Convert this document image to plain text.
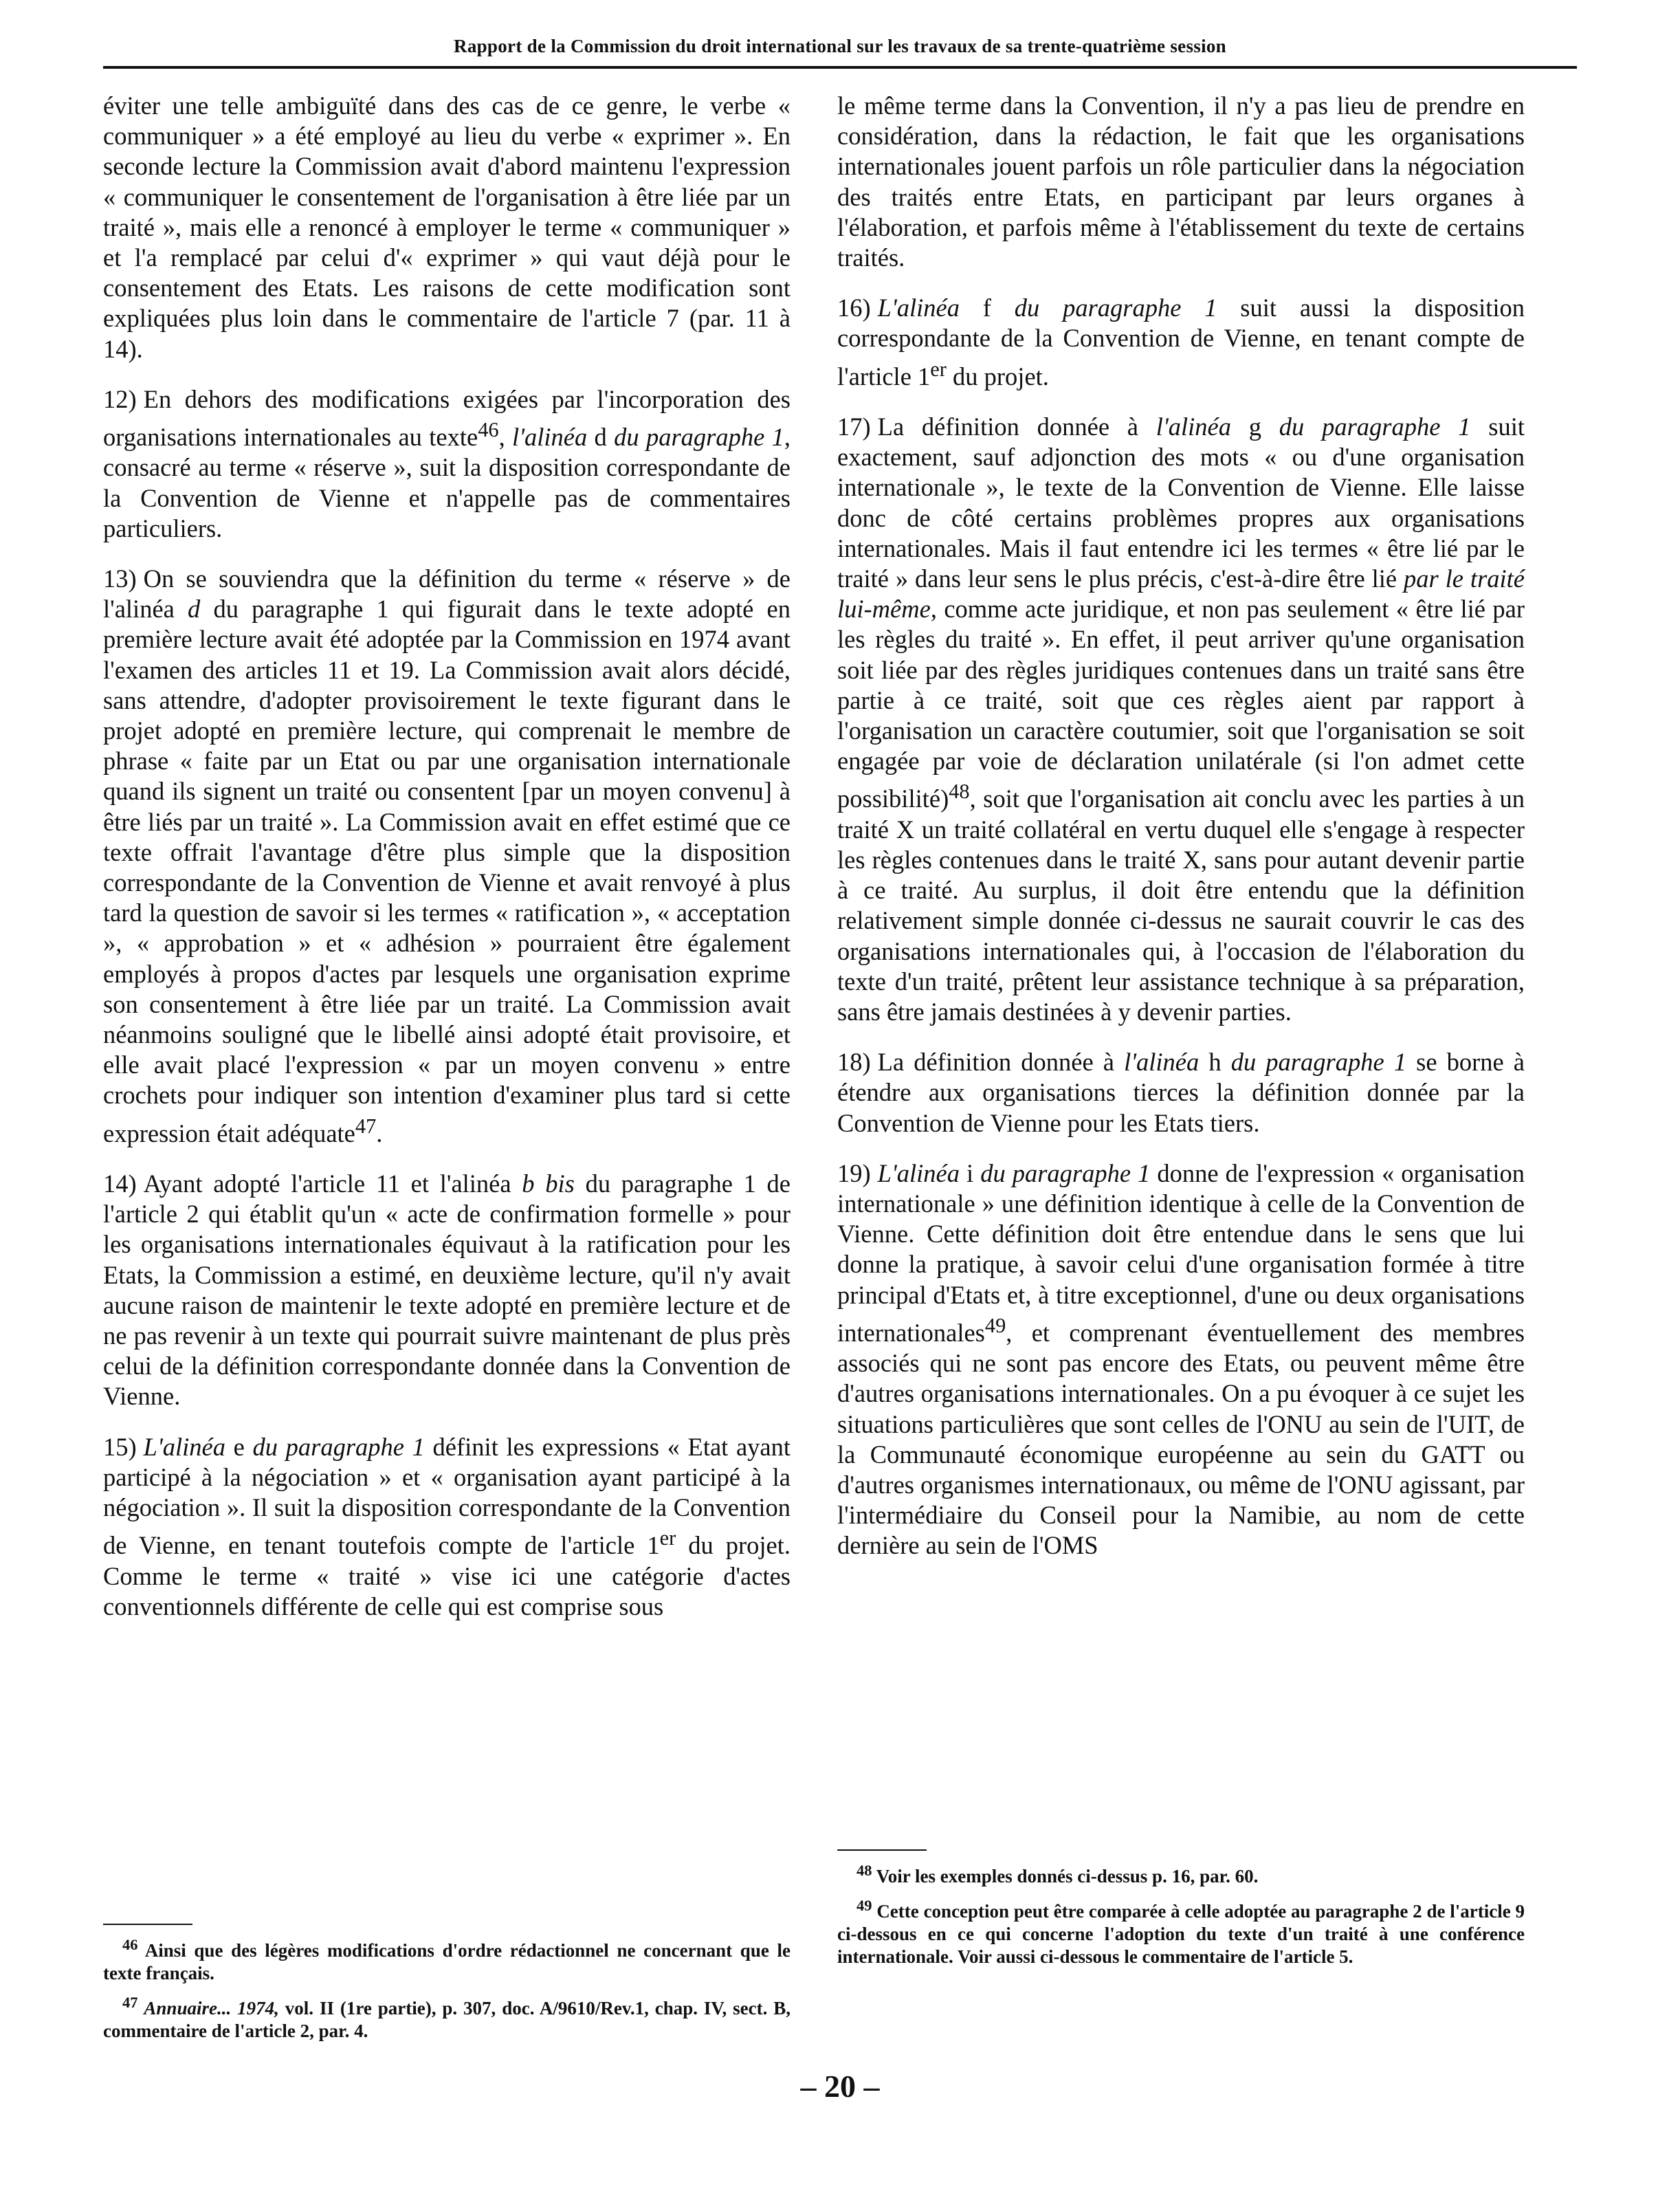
Rapport de la Commission du droit international sur les travaux de sa trente-quatrième session

éviter une telle ambiguïté dans des cas de ce genre, le verbe « communiquer » a été employé au lieu du verbe « exprimer ». En seconde lecture la Commission avait d'abord maintenu l'expression « communiquer le consentement de l'organisation à être liée par un traité », mais elle a renoncé à employer le terme « communiquer » et l'a remplacé par celui d'« exprimer » qui vaut déjà pour le consentement des Etats. Les raisons de cette modification sont expliquées plus loin dans le commentaire de l'article 7 (par. 11 à 14).

12) En dehors des modifications exigées par l'incorporation des organisations internationales au texte$^{46}$, l'alinéa d du paragraphe 1, consacré au terme « réserve », suit la disposition correspondante de la Convention de Vienne et n'appelle pas de commentaires particuliers.

13) On se souviendra que la définition du terme « réserve » de l'alinéa d du paragraphe 1 qui figurait dans le texte adopté en première lecture avait été adoptée par la Commission en 1974 avant l'examen des articles 11 et 19. La Commission avait alors décidé, sans attendre, d'adopter provisoirement le texte figurant dans le projet adopté en première lecture, qui comprenait le membre de phrase « faite par un Etat ou par une organisation internationale quand ils signent un traité ou consentent [par un moyen convenu] à être liés par un traité ». La Commission avait en effet estimé que ce texte offrait l'avantage d'être plus simple que la disposition correspondante de la Convention de Vienne et avait renvoyé à plus tard la question de savoir si les termes « ratification », « acceptation », « approbation » et « adhésion » pourraient être également employés à propos d'actes par lesquels une organisation exprime son consentement à être liée par un traité. La Commission avait néanmoins souligné que le libellé ainsi adopté était provisoire, et elle avait placé l'expression « par un moyen convenu » entre crochets pour indiquer son intention d'examiner plus tard si cette expression était adéquate$^{47}$.

14) Ayant adopté l'article 11 et l'alinéa b bis du paragraphe 1 de l'article 2 qui établit qu'un « acte de confirmation formelle » pour les organisations internationales équivaut à la ratification pour les Etats, la Commission a estimé, en deuxième lecture, qu'il n'y avait aucune raison de maintenir le texte adopté en première lecture et de ne pas revenir à un texte qui pourrait suivre maintenant de plus près celui de la définition correspondante donnée dans la Convention de Vienne.

15) L'alinéa e du paragraphe 1 définit les expressions « Etat ayant participé à la négociation » et « organisation ayant participé à la négociation ». Il suit la disposition correspondante de la Convention de Vienne, en tenant toutefois compte de l'article 1er du projet. Comme le terme « traité » vise ici une catégorie d'actes conventionnels différente de celle qui est comprise sous

le même terme dans la Convention, il n'y a pas lieu de prendre en considération, dans la rédaction, le fait que les organisations internationales jouent parfois un rôle particulier dans la négociation des traités entre Etats, en participant par leurs organes à l'élaboration, et parfois même à l'établissement du texte de certains traités.

16) L'alinéa f du paragraphe 1 suit aussi la disposition correspondante de la Convention de Vienne, en tenant compte de l'article 1er du projet.

17) La définition donnée à l'alinéa g du paragraphe 1 suit exactement, sauf adjonction des mots « ou d'une organisation internationale », le texte de la Convention de Vienne. Elle laisse donc de côté certains problèmes propres aux organisations internationales. Mais il faut entendre ici les termes « être lié par le traité » dans leur sens le plus précis, c'est-à-dire être lié par le traité lui-même, comme acte juridique, et non pas seulement « être lié par les règles du traité ». En effet, il peut arriver qu'une organisation soit liée par des règles juridiques contenues dans un traité sans être partie à ce traité, soit que ces règles aient par rapport à l'organisation un caractère coutumier, soit que l'organisation se soit engagée par voie de déclaration unilatérale (si l'on admet cette possibilité)$^{48}$, soit que l'organisation ait conclu avec les parties à un traité X un traité collatéral en vertu duquel elle s'engage à respecter les règles contenues dans le traité X, sans pour autant devenir partie à ce traité. Au surplus, il doit être entendu que la définition relativement simple donnée ci-dessus ne saurait couvrir le cas des organisations internationales qui, à l'occasion de l'élaboration du texte d'un traité, prêtent leur assistance technique à sa préparation, sans être jamais destinées à y devenir parties.

18) La définition donnée à l'alinéa h du paragraphe 1 se borne à étendre aux organisations tierces la définition donnée par la Convention de Vienne pour les Etats tiers.

19) L'alinéa i du paragraphe 1 donne de l'expression « organisation internationale » une définition identique à celle de la Convention de Vienne. Cette définition doit être entendue dans le sens que lui donne la pratique, à savoir celui d'une organisation formée à titre principal d'Etats et, à titre exceptionnel, d'une ou deux organisations internationales$^{49}$, et comprenant éventuellement des membres associés qui ne sont pas encore des Etats, ou peuvent même être d'autres organisations internationales. On a pu évoquer à ce sujet les situations particulières que sont celles de l'ONU au sein de l'UIT, de la Communauté économique européenne au sein du GATT ou d'autres organismes internationaux, ou même de l'ONU agissant, par l'intermédiaire du Conseil pour la Namibie, au nom de cette dernière au sein de l'OMS

$^{46}$ Ainsi que des légères modifications d'ordre rédactionnel ne concernant que le texte français.

$^{47}$ Annuaire... 1974, vol. II (1re partie), p. 307, doc. A/9610/Rev.1, chap. IV, sect. B, commentaire de l'article 2, par. 4.

$^{48}$ Voir les exemples donnés ci-dessus p. 16, par. 60.

$^{49}$ Cette conception peut être comparée à celle adoptée au paragraphe 2 de l'article 9 ci-dessous en ce qui concerne l'adoption du texte d'un traité à une conférence internationale. Voir aussi ci-dessous le commentaire de l'article 5.

– 20 –
